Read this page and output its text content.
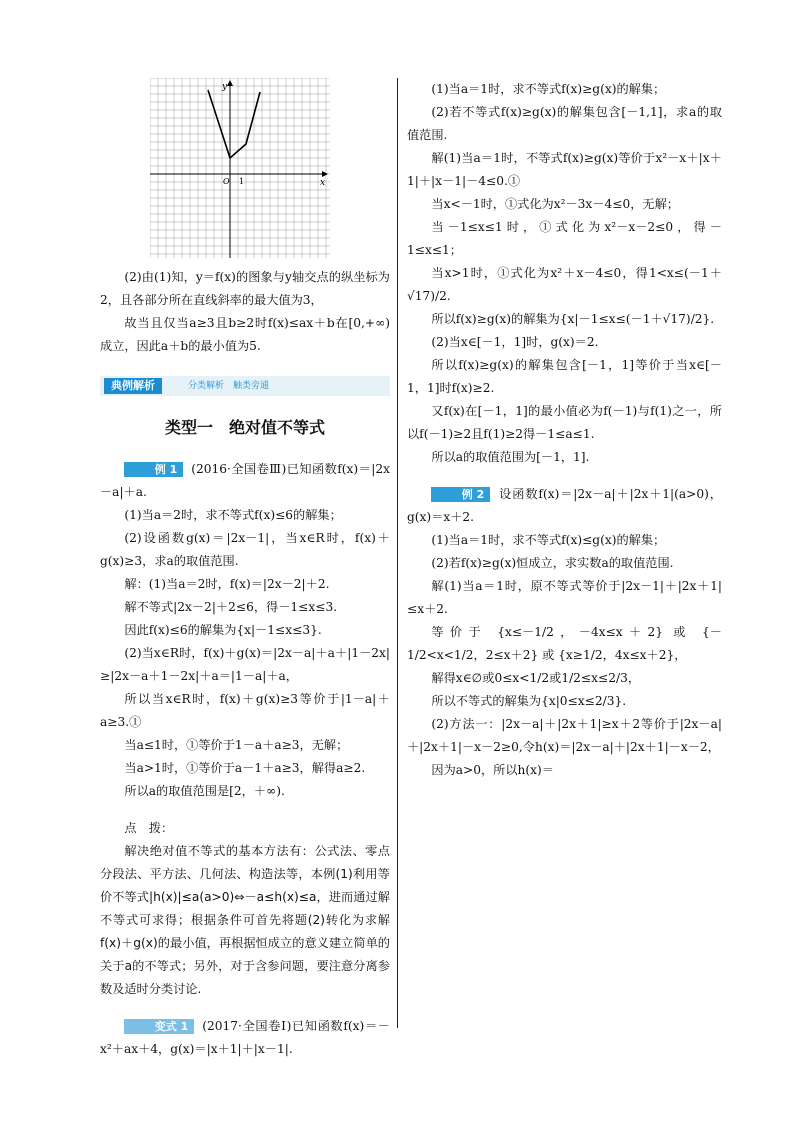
x
y
O 1

(2)由(1)知，y＝f(x)的图象与y轴交点的纵坐标为2，且各部分所在直线斜率的最大值为3，

故当且仅当a≥3且b≥2时f(x)≤ax＋b在[0,+∞)成立，因此a＋b的最小值为5.

典例解析	分类解析　触类旁通
类型一　绝对值不等式

例 1 (2016·全国卷Ⅲ)已知函数f(x)＝|2x－a|＋a.

(1)当a＝2时，求不等式f(x)≤6的解集；

(2)设函数g(x)＝|2x－1|，当x∈R时，f(x)＋g(x)≥3，求a的取值范围.

解：(1)当a＝2时，f(x)＝|2x－2|＋2.

解不等式|2x－2|＋2≤6，得－1≤x≤3.

因此f(x)≤6的解集为{x|－1≤x≤3}.

(2)当x∈R时，f(x)＋g(x)＝|2x－a|＋a＋|1－2x|≥|2x－a＋1－2x|＋a＝|1－a|＋a，

所以当x∈R时，f(x)＋g(x)≥3等价于|1－a|＋a≥3.①

当a≤1时，①等价于1－a＋a≥3，无解；

当a>1时，①等价于a－1＋a≥3，解得a≥2.

所以a的取值范围是[2，＋∞).

点　拨：

解决绝对值不等式的基本方法有：公式法、零点分段法、平方法、几何法、构造法等，本例(1)利用等价不等式|h(x)|≤a(a>0)⇔－a≤h(x)≤a，进而通过解不等式可求得；根据条件可首先将题(2)转化为求解f(x)＋g(x)的最小值，再根据恒成立的意义建立简单的关于a的不等式；另外，对于含参问题，要注意分离参数及适时分类讨论.

变式 1 (2017·全国卷Ⅰ)已知函数f(x)＝－x²＋ax＋4，g(x)＝|x＋1|＋|x－1|.

(1)当a＝1时，求不等式f(x)≥g(x)的解集；

(2)若不等式f(x)≥g(x)的解集包含[－1,1]，求a的取值范围.

解(1)当a＝1时，不等式f(x)≥g(x)等价于x²－x＋|x＋1|＋|x－1|－4≤0.①

当x<－1时，①式化为x²－3x－4≤0，无解；

当－1≤x≤1时，①式化为x²－x－2≤0，得－1≤x≤1；

当x>1时，①式化为x²＋x－4≤0，得1<x≤(－1＋√17)/2.

所以f(x)≥g(x)的解集为{x|－1≤x≤(－1＋√17)/2}.

(2)当x∈[－1，1]时，g(x)＝2.

所以f(x)≥g(x)的解集包含[－1，1]等价于当x∈[－1，1]时f(x)≥2.

又f(x)在[－1，1]的最小值必为f(－1)与f(1)之一，所以f(－1)≥2且f(1)≥2得－1≤a≤1.

所以a的取值范围为[－1，1].

例 2 设函数f(x)＝|2x－a|＋|2x＋1|(a>0)，g(x)＝x＋2.

(1)当a＝1时，求不等式f(x)≤g(x)的解集；

(2)若f(x)≥g(x)恒成立，求实数a的取值范围.

解(1)当a＝1时，原不等式等价于|2x－1|＋|2x＋1|≤x＋2.

等价于 {x≤－1/2，－4x≤x＋2} 或 {－1/2<x<1/2，2≤x＋2} 或 {x≥1/2，4x≤x＋2}，

解得x∈∅或0≤x<1/2或1/2≤x≤2/3，

所以不等式的解集为{x|0≤x≤2/3}.

(2)方法一：|2x－a|＋|2x＋1|≥x＋2等价于|2x－a|＋|2x＋1|－x－2≥0,令h(x)＝|2x－a|＋|2x＋1|－x－2，

因为a>0，所以h(x)＝
